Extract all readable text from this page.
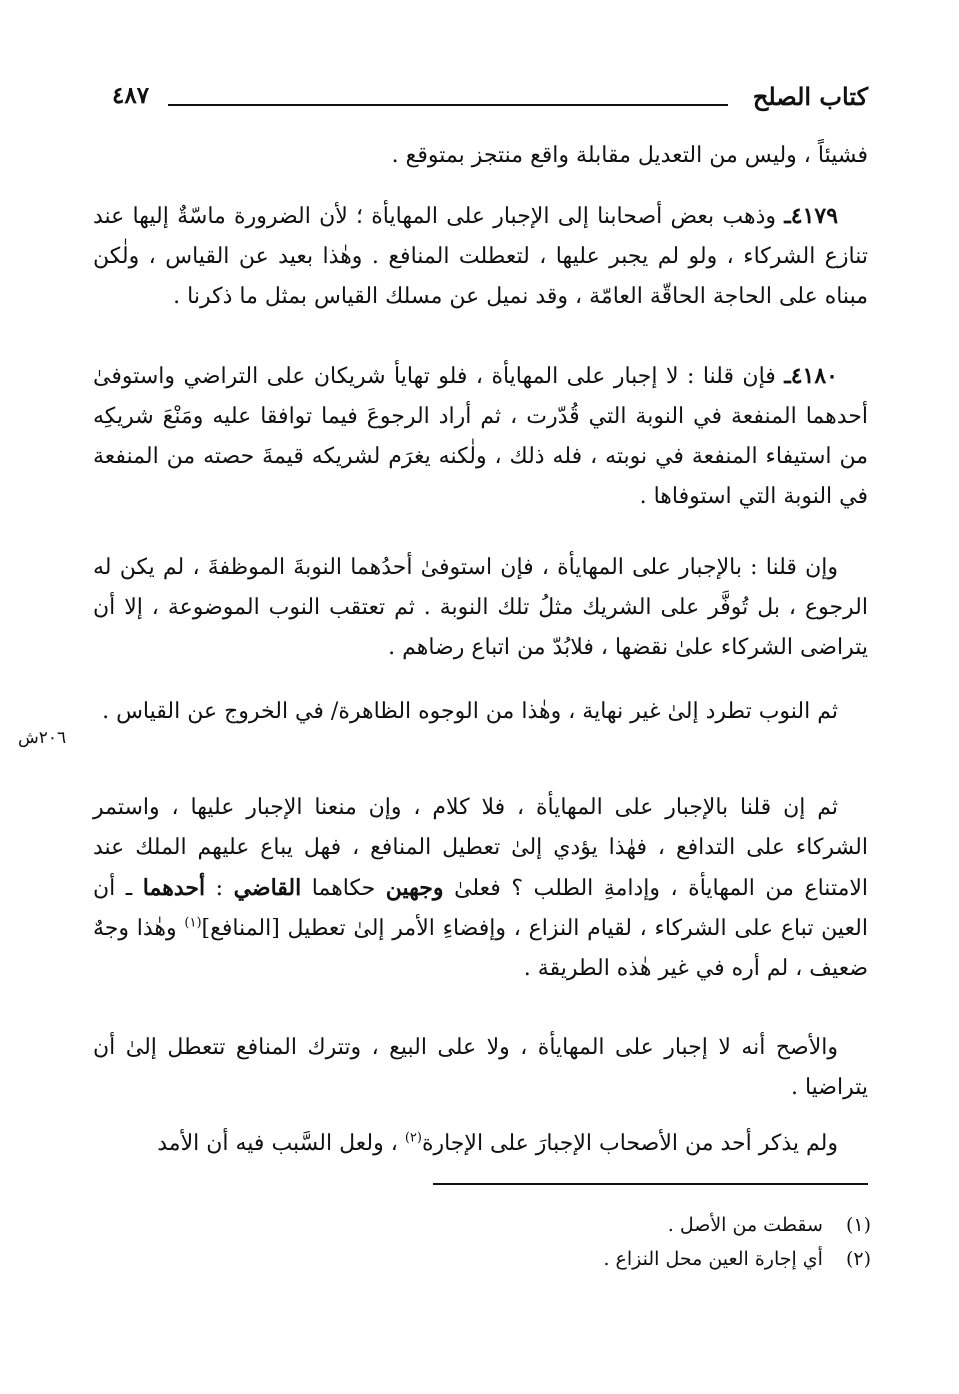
كتاب الصلح
٤٨٧
فشيئاً ، وليس من التعديل مقابلة واقع منتجز بمتوقع .
٤١٧٩ـ وذهب بعض أصحابنا إلى الإجبار على المهايأة ؛ لأن الضرورة ماسّةٌ إليها عند تنازع الشركاء ، ولو لم يجبر عليها ، لتعطلت المنافع . وهٰذا بعيد عن القياس ، ولٰكن مبناه على الحاجة الحاقّة العامّة ، وقد نميل عن مسلك القياس بمثل ما ذكرنا .
٤١٨٠ـ فإن قلنا : لا إجبار على المهايأة ، فلو تهايأ شريكان على التراضي واستوفىٰ أحدهما المنفعة في النوبة التي قُدّرت ، ثم أراد الرجوعَ فيما توافقا عليه ومَنْعَ شريكِه من استيفاء المنفعة في نوبته ، فله ذلك ، ولٰكنه يغرَم لشريكه قيمةَ حصته من المنفعة في النوبة التي استوفاها .
وإن قلنا : بالإجبار على المهايأة ، فإن استوفىٰ أحدُهما النوبةَ الموظفةَ ، لم يكن له الرجوع ، بل تُوفَّر على الشريك مثلُ تلك النوبة . ثم تعتقب النوب الموضوعة ، إلا أن يتراضى الشركاء علىٰ نقضها ، فلابُدّ من اتباع رضاهم .
ثم النوب تطرد إلىٰ غير نهاية ، وهٰذا من الوجوه الظاهرة/ في الخروج عن القياس .
٢٠٦ش
ثم إن قلنا بالإجبار على المهايأة ، فلا كلام ، وإن منعنا الإجبار عليها ، واستمر الشركاء على التدافع ، فهٰذا يؤدي إلىٰ تعطيل المنافع ، فهل يباع عليهم الملك عند الامتناع من المهايأة ، وإدامةِ الطلب ؟ فعلىٰ وجهين حكاهما القاضي : أحدهما ـ أن العين تباع على الشركاء ، لقيام النزاع ، وإفضاءِ الأمر إلىٰ تعطيل [المنافع]$^{(١)}$ وهٰذا وجهٌ ضعيف ، لم أره في غير هٰذه الطريقة .
والأصح أنه لا إجبار على المهايأة ، ولا على البيع ، وتترك المنافع تتعطل إلىٰ أن يتراضيا .
ولم يذكر أحد من الأصحاب الإجبارَ على الإجارة$^{(٢)}$ ، ولعل السَّبب فيه أن الأمد

(١) سقطت من الأصل .

(٢) أي إجارة العين محل النزاع .
